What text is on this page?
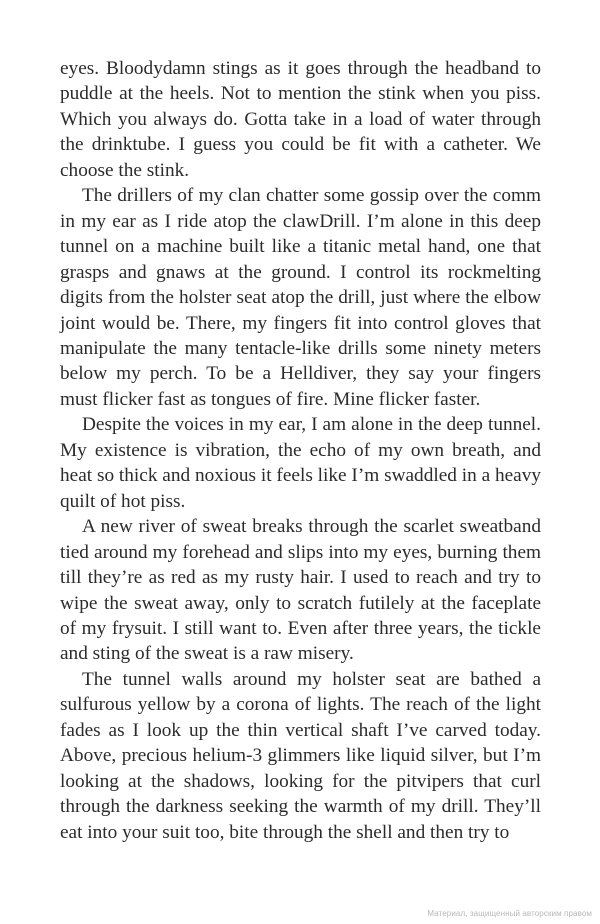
eyes. Bloodydamn stings as it goes through the headband to puddle at the heels. Not to mention the stink when you piss. Which you always do. Gotta take in a load of water through the drinktube. I guess you could be fit with a catheter. We choose the stink.

The drillers of my clan chatter some gossip over the comm in my ear as I ride atop the clawDrill. I’m alone in this deep tunnel on a machine built like a titanic metal hand, one that grasps and gnaws at the ground. I control its rockmelting digits from the holster seat atop the drill, just where the elbow joint would be. There, my fingers fit into control gloves that manipulate the many tentacle-like drills some ninety meters below my perch. To be a Helldiver, they say your fingers must flicker fast as tongues of fire. Mine flicker faster.

Despite the voices in my ear, I am alone in the deep tunnel. My existence is vibration, the echo of my own breath, and heat so thick and noxious it feels like I’m swaddled in a heavy quilt of hot piss.

A new river of sweat breaks through the scarlet sweatband tied around my forehead and slips into my eyes, burning them till they’re as red as my rusty hair. I used to reach and try to wipe the sweat away, only to scratch futilely at the faceplate of my frysuit. I still want to. Even after three years, the tickle and sting of the sweat is a raw misery.

The tunnel walls around my holster seat are bathed a sulfurous yellow by a corona of lights. The reach of the light fades as I look up the thin vertical shaft I’ve carved today. Above, precious helium-3 glimmers like liquid silver, but I’m looking at the shadows, looking for the pitvipers that curl through the darkness seeking the warmth of my drill. They’ll eat into your suit too, bite through the shell and then try to

Материал, защищенный авторским правом
